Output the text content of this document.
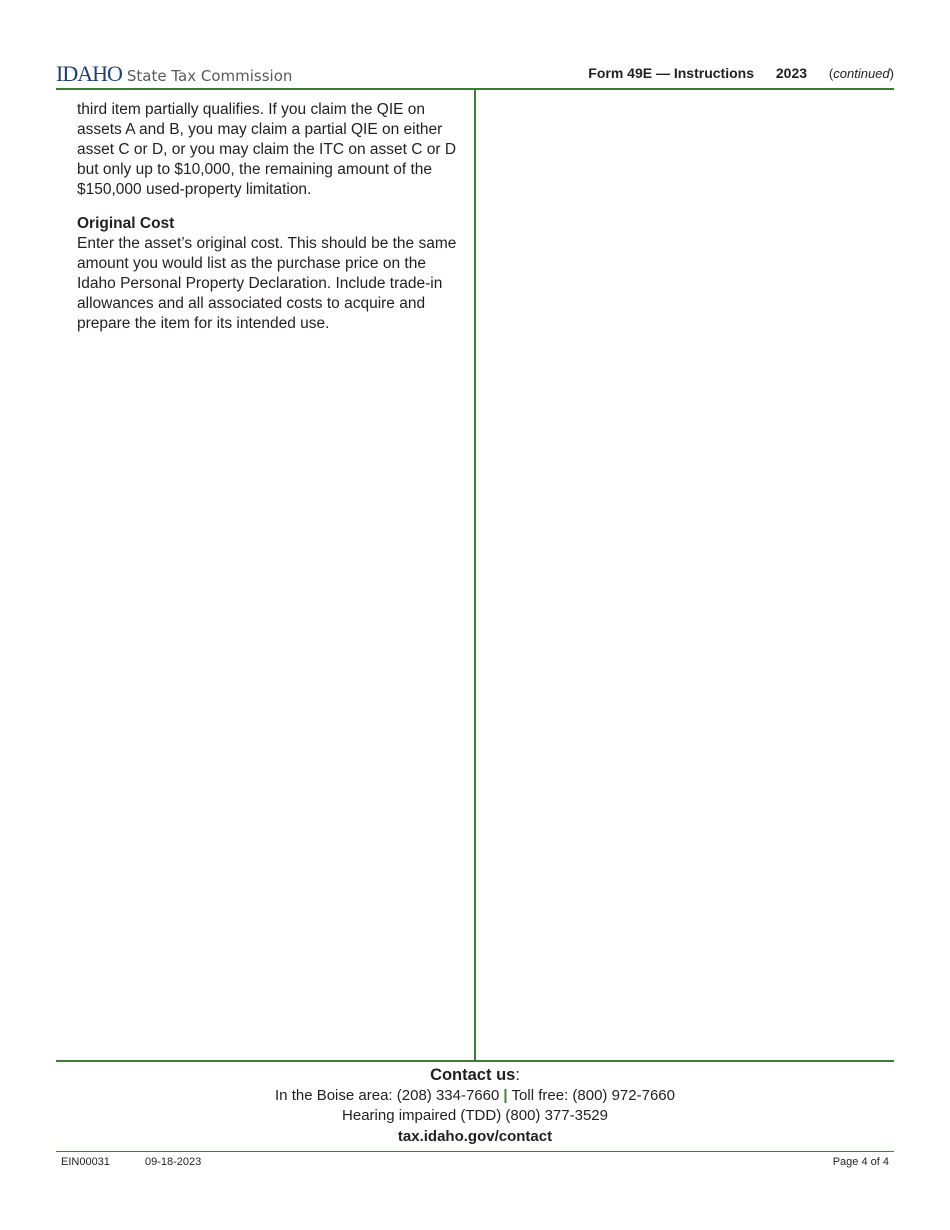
IDAHO State Tax Commission	Form 49E — Instructions 2023 (continued)

third item partially qualifies. If you claim the QIE on assets A and B, you may claim a partial QIE on either asset C or D, or you may claim the ITC on asset C or D but only up to $10,000, the remaining amount of the $150,000 used-property limitation.

Original Cost

Enter the asset’s original cost. This should be the same amount you would list as the purchase price on the Idaho Personal Property Declaration. Include trade-in allowances and all associated costs to acquire and prepare the item for its intended use.

Contact us:
In the Boise area: (208) 334-7660 | Toll free: (800) 972-7660
Hearing impaired (TDD) (800) 377-3529
tax.idaho.gov/contact
EIN00031	09-18-2023	Page 4 of 4
